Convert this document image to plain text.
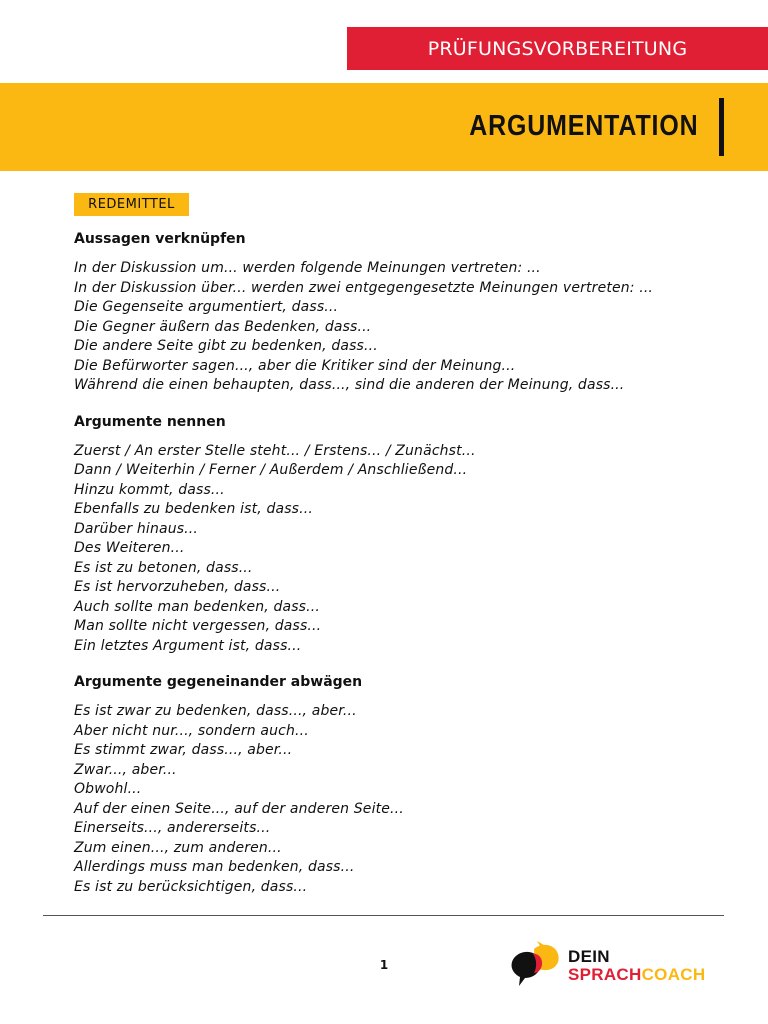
PRÜFUNGSVORBEREITUNG
ARGUMENTATION
REDEMITTEL
Aussagen verknüpfen
In der Diskussion um... werden folgende Meinungen vertreten: ...
In der Diskussion über... werden zwei entgegengesetzte Meinungen vertreten: ...
Die Gegenseite argumentiert, dass...
Die Gegner äußern das Bedenken, dass...
Die andere Seite gibt zu bedenken, dass...
Die Befürworter sagen..., aber die Kritiker sind der Meinung...
Während die einen behaupten, dass..., sind die anderen der Meinung, dass...
Argumente nennen
Zuerst / An erster Stelle steht... / Erstens... / Zunächst...
Dann / Weiterhin / Ferner / Außerdem / Anschließend...
Hinzu kommt, dass...
Ebenfalls zu bedenken ist, dass...
Darüber hinaus...
Des Weiteren...
Es ist zu betonen, dass...
Es ist hervorzuheben, dass...
Auch sollte man bedenken, dass...
Man sollte nicht vergessen, dass...
Ein letztes Argument ist, dass...
Argumente gegeneinander abwägen
Es ist zwar zu bedenken, dass..., aber...
Aber nicht nur..., sondern auch...
Es stimmt zwar, dass..., aber...
Zwar..., aber...
Obwohl...
Auf der einen Seite..., auf der anderen Seite...
Einerseits..., andererseits...
Zum einen..., zum anderen...
Allerdings muss man bedenken, dass...
Es ist zu berücksichtigen, dass...
1	DEIN
SPRACHCOACH
